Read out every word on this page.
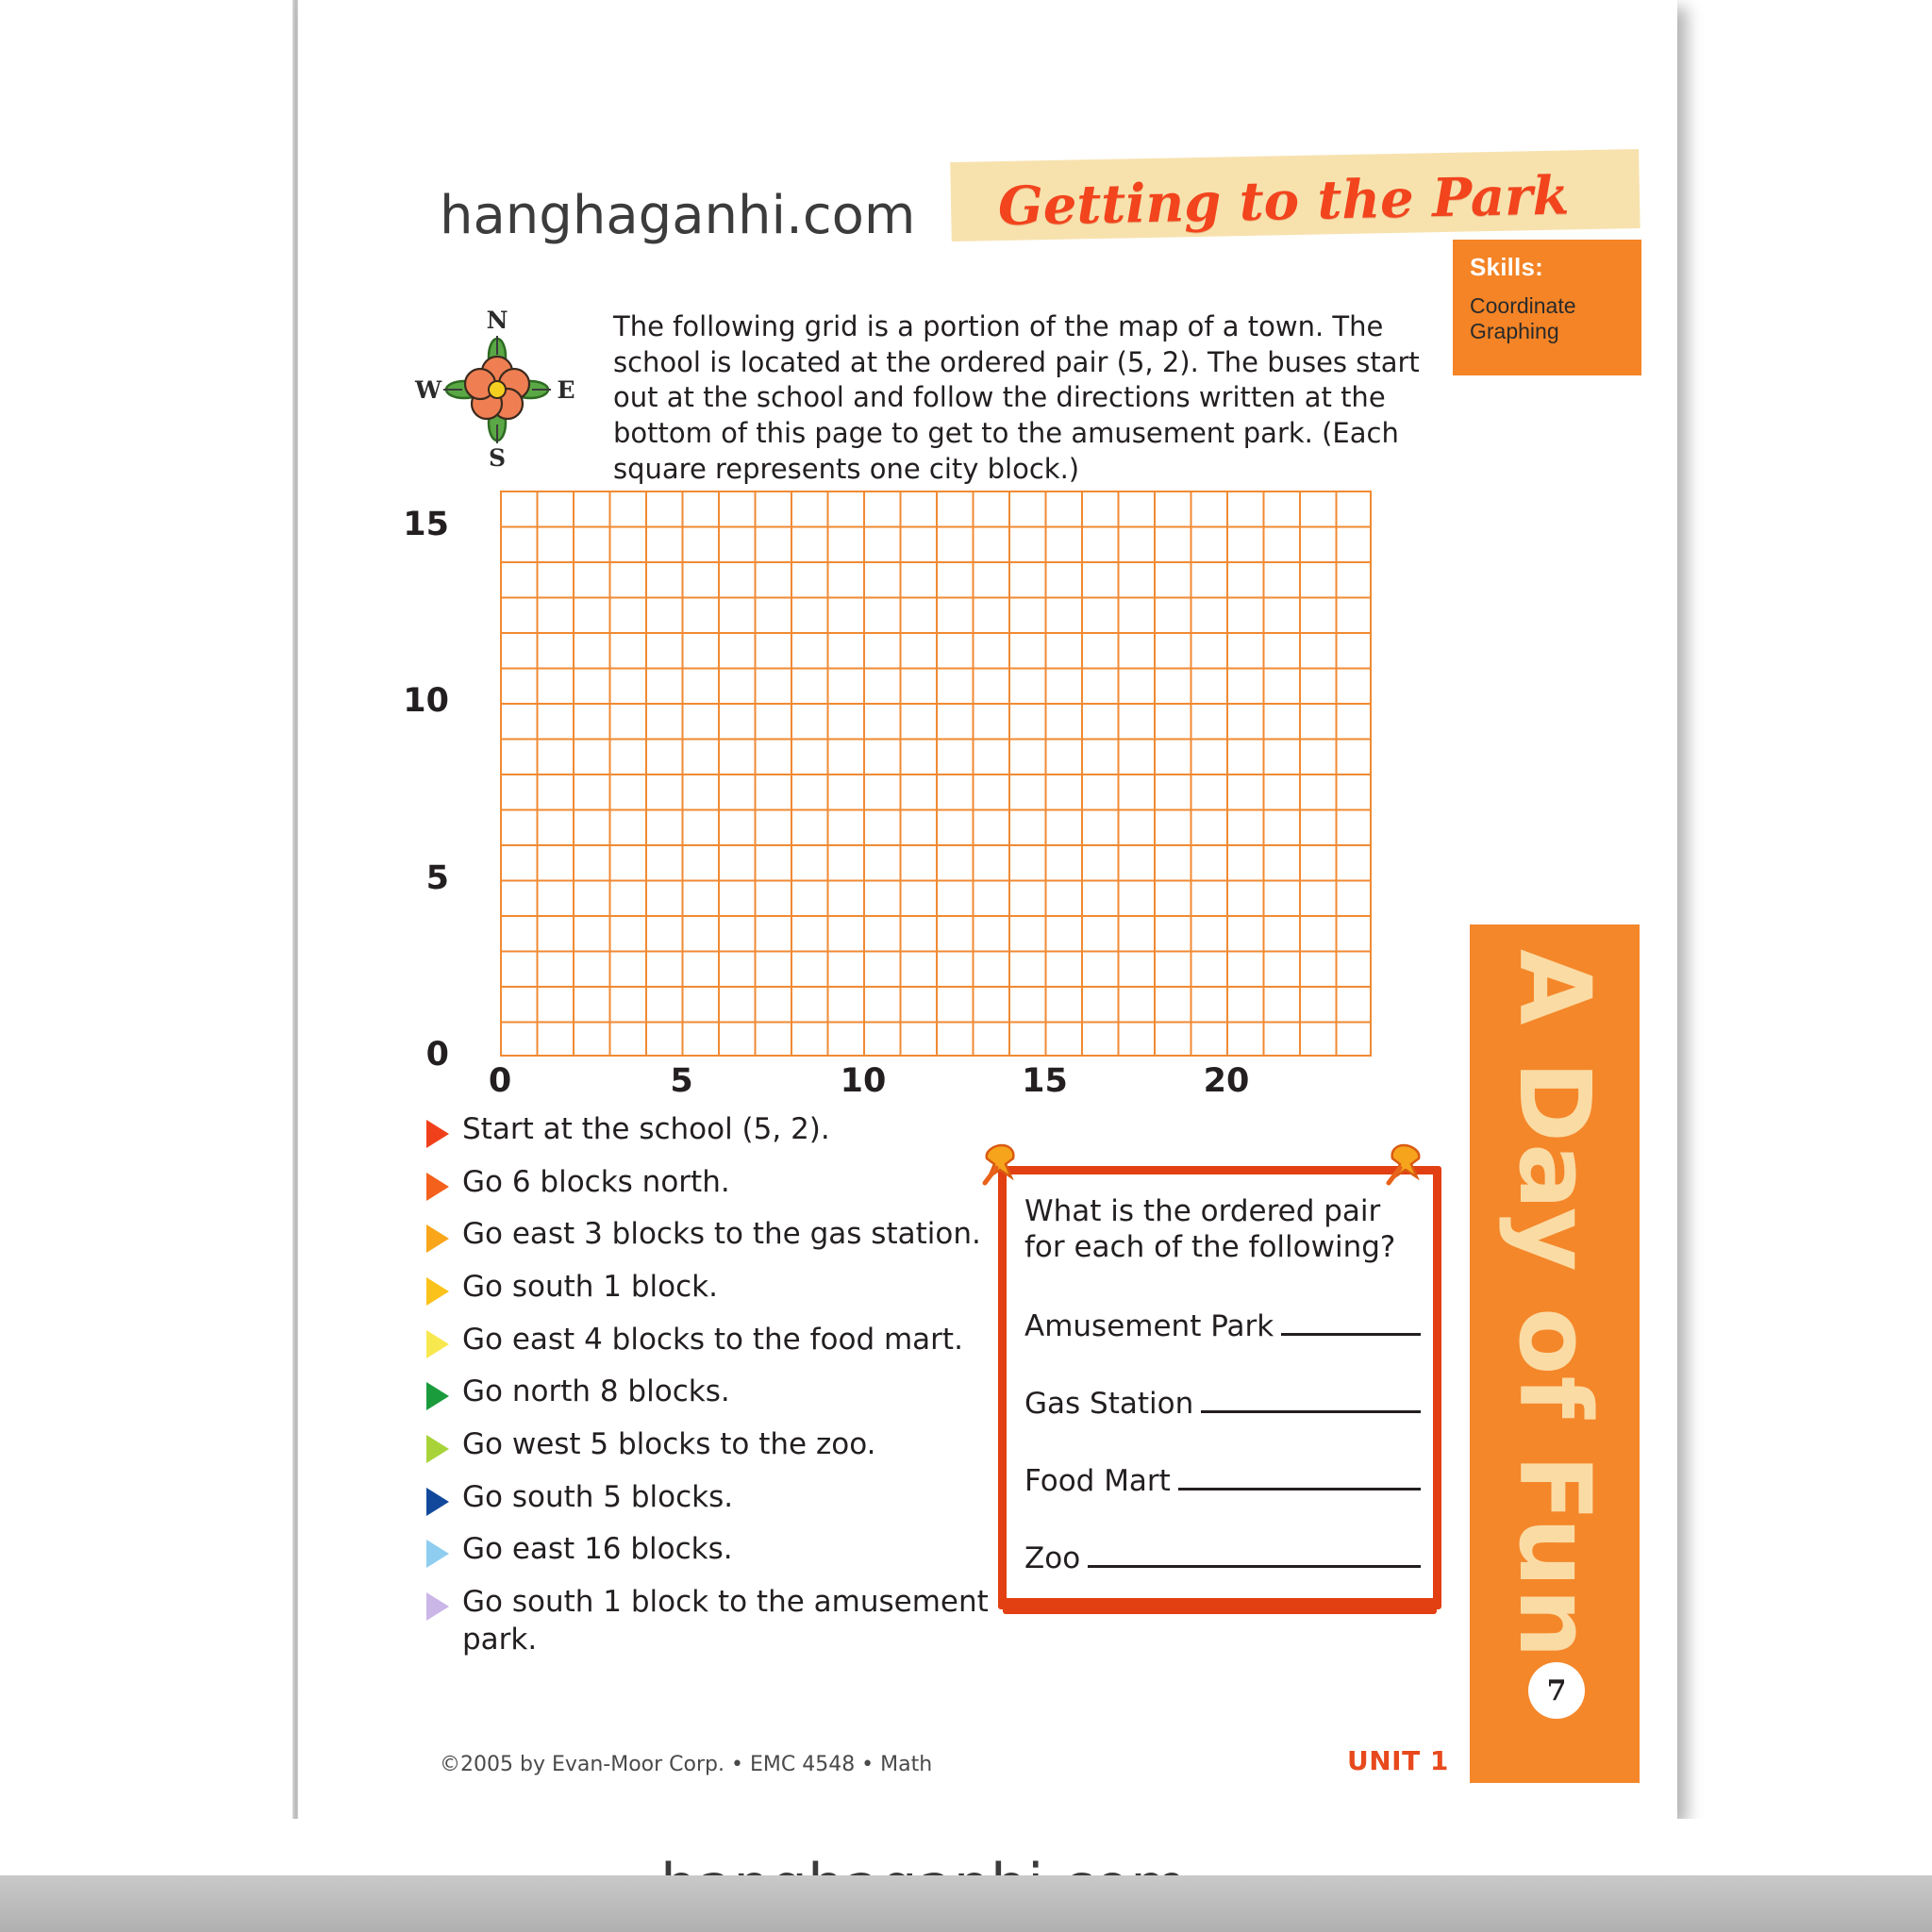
hanghaganhi.com Getting to the Park
Skills:
Coordinate Graphing
N
S
W	E
The following grid is a portion of the map of a town. The school is located at the ordered pair (5, 2). The buses start out at the school and follow the directions written at the bottom of this page to get to the amusement park. (Each square represents one city block.)
0
5
10
15
0	5	10	15	20
Start at the school (5, 2).
Go 6 blocks north.
Go east 3 blocks to the gas station.
Go south 1 block.
Go east 4 blocks to the food mart.
Go north 8 blocks.
Go west 5 blocks to the zoo.
Go south 5 blocks.
Go east 16 blocks.
Go south 1 block to the amusement park.
What is the ordered pair for each of the following?
Amusement Park
Gas Station
Food Mart
Zoo	A Day of Fun
7
©2005 by Evan-Moor Corp. • EMC 4548 • Math	UNIT 1
